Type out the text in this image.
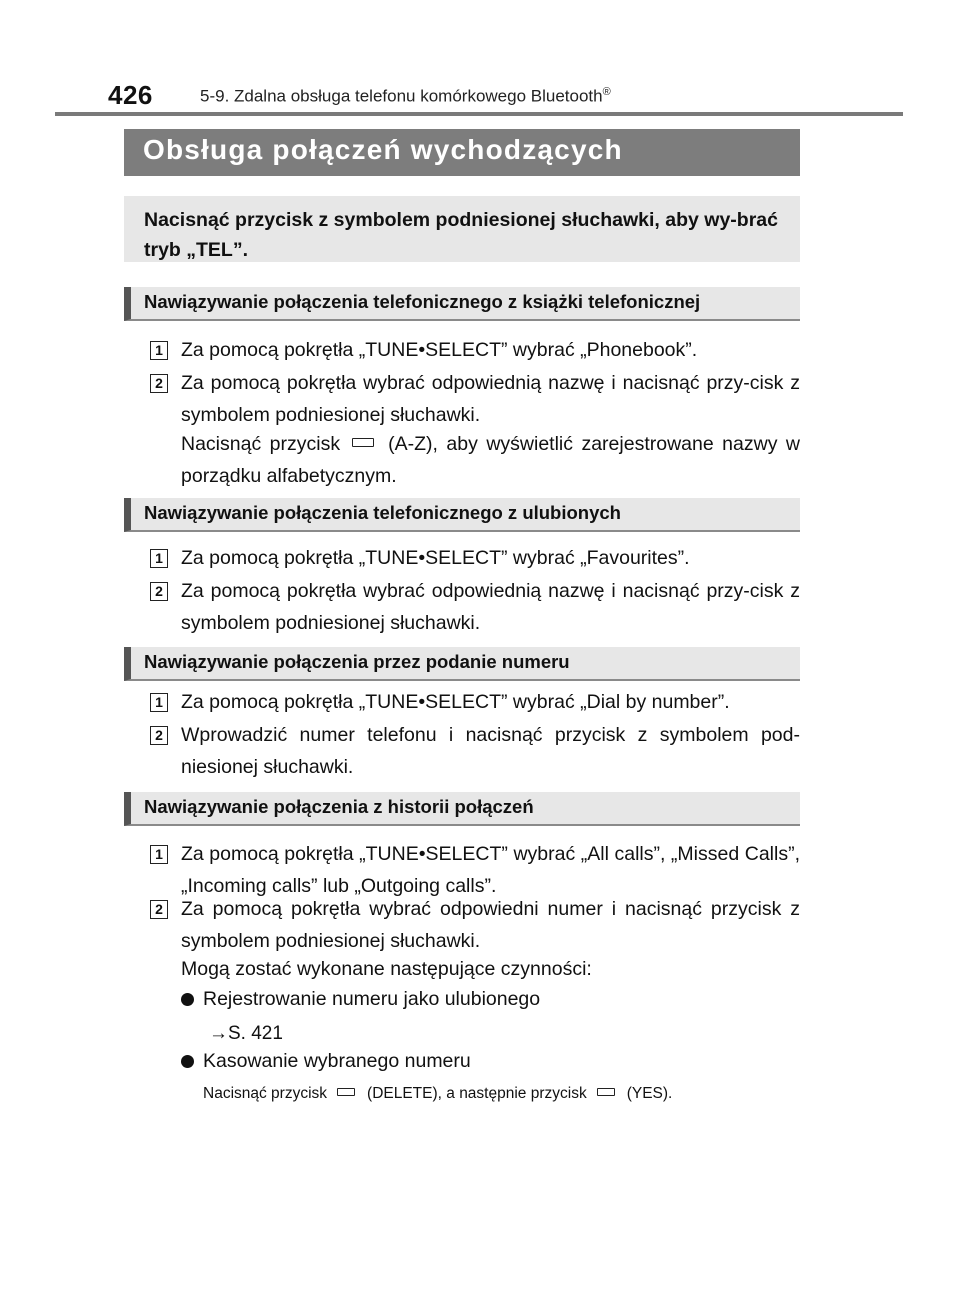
426	5-9. Zdalna obsługa telefonu komórkowego Bluetooth®
Obsługa połączeń wychodzących
Nacisnąć przycisk z symbolem podniesionej słuchawki, aby wy-brać tryb „TEL”.
Nawiązywanie połączenia telefonicznego z książki telefonicznej
1 Za pomocą pokrętła „TUNE•SELECT” wybrać „Phonebook”.
2 Za pomocą pokrętła wybrać odpowiednią nazwę i nacisnąć przy-cisk z symbolem podniesionej słuchawki.
Nacisnąć przycisk (A-Z), aby wyświetlić zarejestrowane nazwy w porządku alfabetycznym.
Nawiązywanie połączenia telefonicznego z ulubionych
1 Za pomocą pokrętła „TUNE•SELECT” wybrać „Favourites”.
2 Za pomocą pokrętła wybrać odpowiednią nazwę i nacisnąć przy-cisk z symbolem podniesionej słuchawki.
Nawiązywanie połączenia przez podanie numeru
1 Za pomocą pokrętła „TUNE•SELECT” wybrać „Dial by number”.
2 Wprowadzić numer telefonu i nacisnąć przycisk z symbolem pod-niesionej słuchawki.
Nawiązywanie połączenia z historii połączeń
1 Za pomocą pokrętła „TUNE•SELECT” wybrać „All calls”, „Missed Calls”, „Incoming calls” lub „Outgoing calls”.
2 Za pomocą pokrętła wybrać odpowiedni numer i nacisnąć przycisk z symbolem podniesionej słuchawki.
Mogą zostać wykonane następujące czynności:
Rejestrowanie numeru jako ulubionego
→S. 421
Kasowanie wybranego numeru
Nacisnąć przycisk	(DELETE), a następnie przycisk	(YES).
